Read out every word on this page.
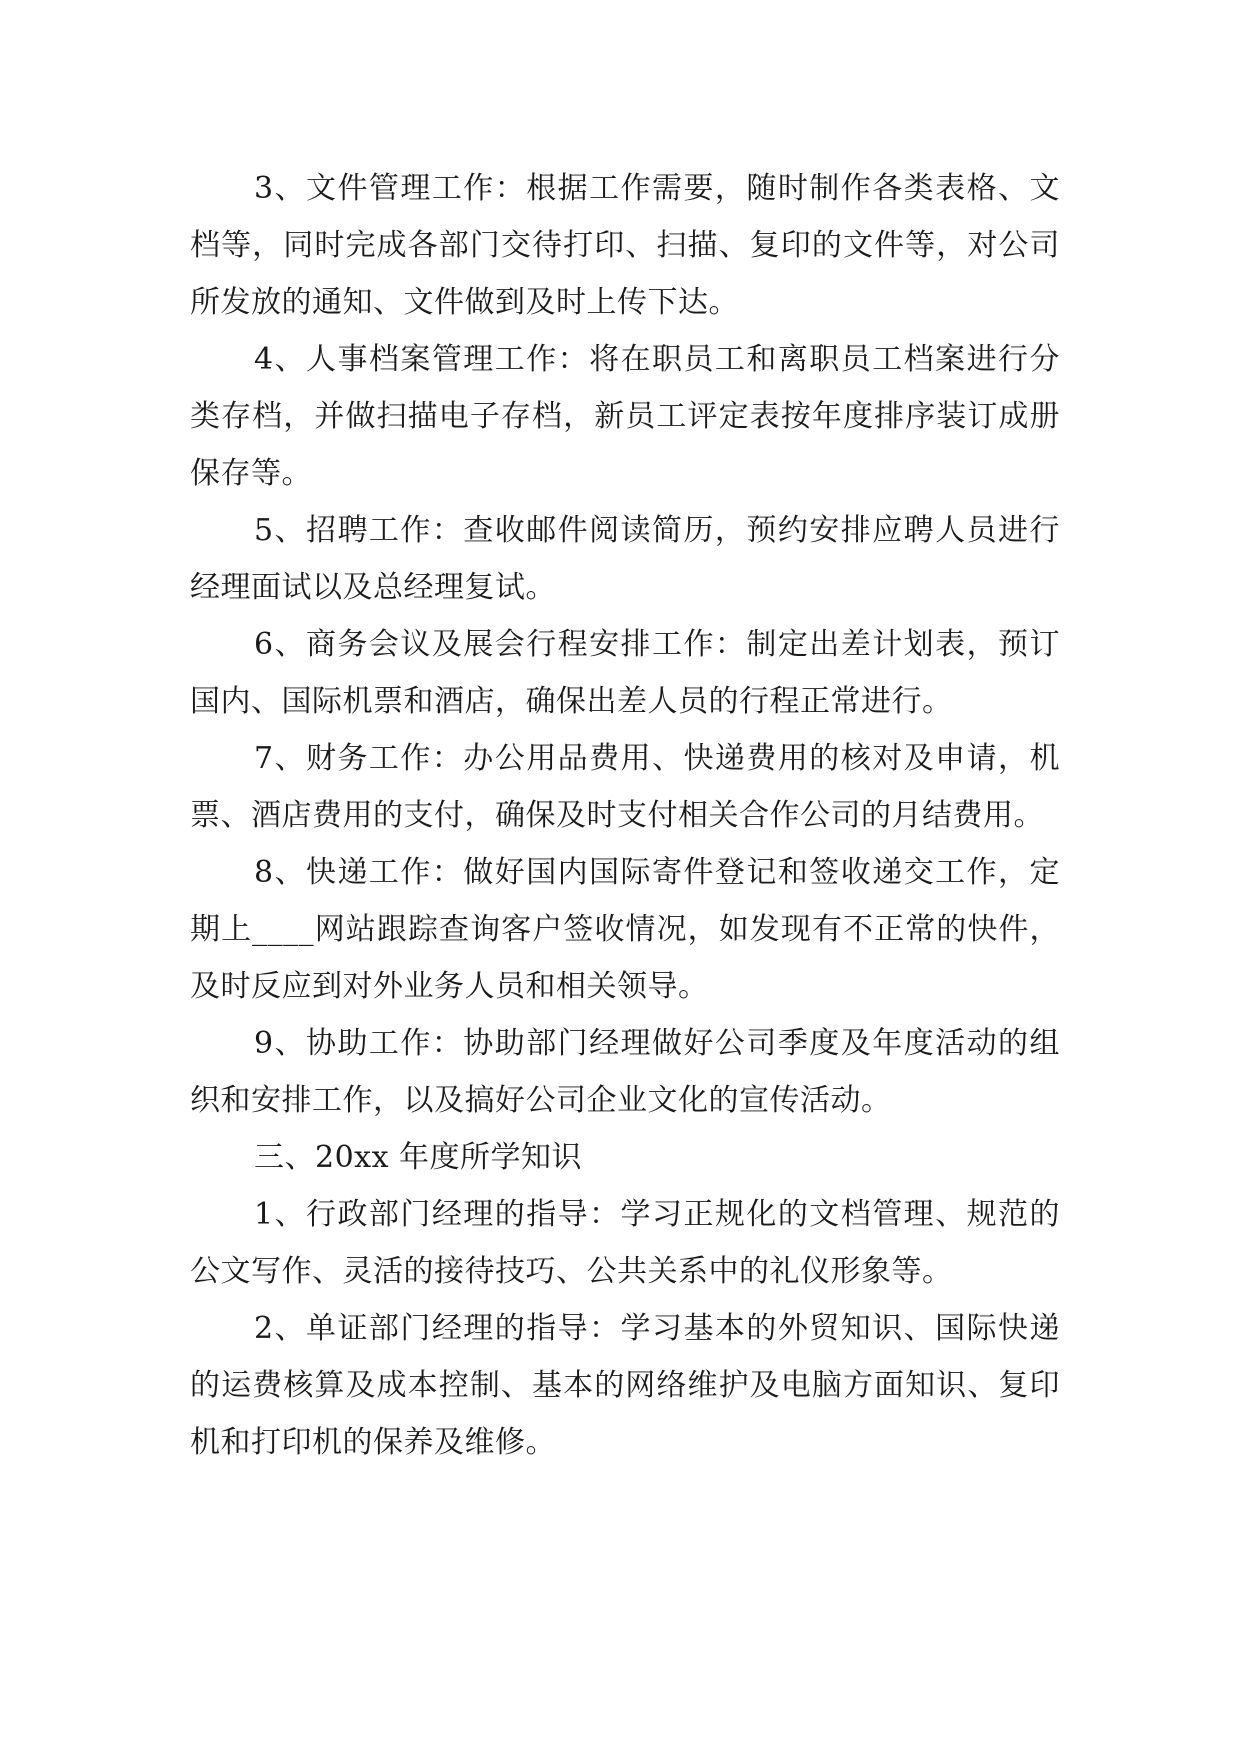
3、文件管理工作：根据工作需要，随时制作各类表格、文档等，同时完成各部门交待打印、扫描、复印的文件等，对公司所发放的通知、文件做到及时上传下达。

4、人事档案管理工作：将在职员工和离职员工档案进行分类存档，并做扫描电子存档，新员工评定表按年度排序装订成册保存等。

5、招聘工作：查收邮件阅读简历，预约安排应聘人员进行经理面试以及总经理复试。

6、商务会议及展会行程安排工作：制定出差计划表，预订国内、国际机票和酒店，确保出差人员的行程正常进行。

7、财务工作：办公用品费用、快递费用的核对及申请，机票、酒店费用的支付，确保及时支付相关合作公司的月结费用。

8、快递工作：做好国内国际寄件登记和签收递交工作，定期上____网站跟踪查询客户签收情况，如发现有不正常的快件，及时反应到对外业务人员和相关领导。

9、协助工作：协助部门经理做好公司季度及年度活动的组织和安排工作，以及搞好公司企业文化的宣传活动。

三、20xx 年度所学知识

1、行政部门经理的指导：学习正规化的文档管理、规范的公文写作、灵活的接待技巧、公共关系中的礼仪形象等。

2、单证部门经理的指导：学习基本的外贸知识、国际快递的运费核算及成本控制、基本的网络维护及电脑方面知识、复印机和打印机的保养及维修。
